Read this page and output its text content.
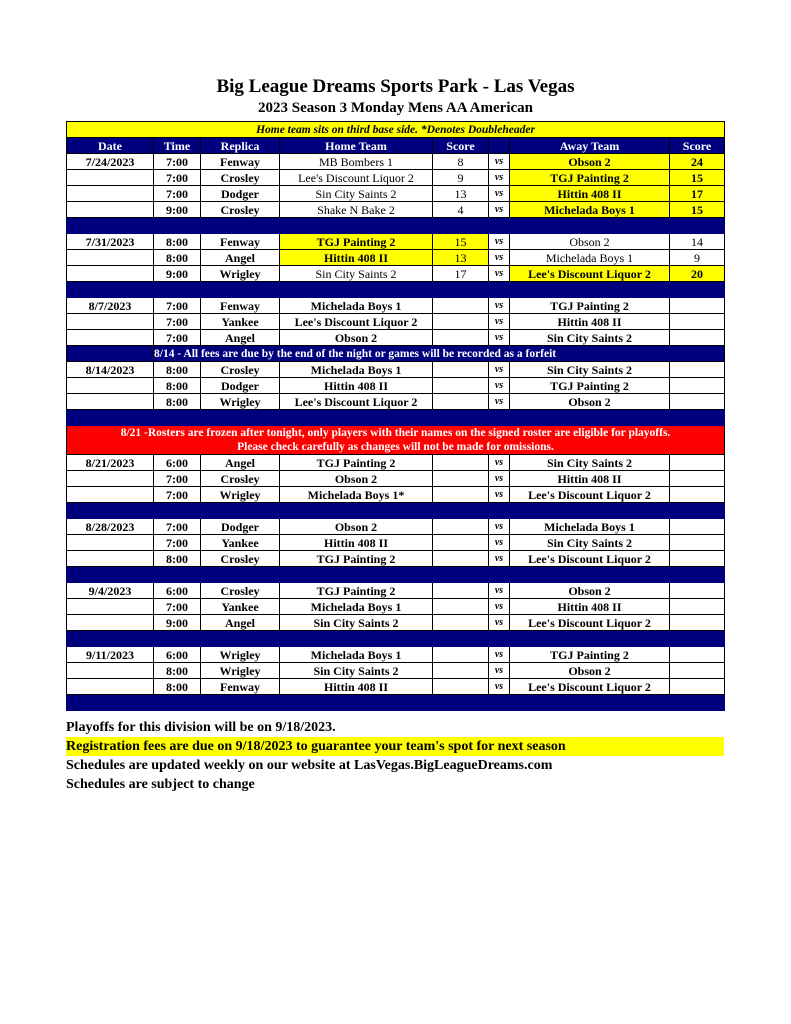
Big League Dreams Sports Park - Las Vegas
2023 Season 3 Monday Mens AA American
Home team sits on third base side. *Denotes Doubleheader							
Date	Time	Replica	Home Team	Score		Away Team	Score
7/24/2023	7:00	Fenway	MB Bombers 1	8	vs	Obson 2	24
	7:00	Crosley	Lee's Discount Liquor 2	9	vs	TGJ Painting 2	15
	7:00	Dodger	Sin City Saints 2	13	vs	Hittin 408 II	17
	9:00	Crosley	Shake N Bake 2	4	vs	Michelada Boys 1	15

7/31/2023	8:00	Fenway	TGJ Painting 2	15	vs	Obson 2	14
	8:00	Angel	Hittin 408 II	13	vs	Michelada Boys 1	9
	9:00	Wrigley	Sin City Saints 2	17	vs	Lee's Discount Liquor 2	20

8/7/2023	7:00	Fenway	Michelada Boys 1		vs	TGJ Painting 2	
	7:00	Yankee	Lee's Discount Liquor 2		vs	Hittin 408 II	
	7:00	Angel	Obson 2		vs	Sin City Saints 2	
	8/14 - All fees are due by the end of the night or games will be recorded as a forfeit						
8/14/2023	8:00	Crosley	Michelada Boys 1		vs	Sin City Saints 2	
	8:00	Dodger	Hittin 408 II		vs	TGJ Painting 2	
	8:00	Wrigley	Lee's Discount Liquor 2		vs	Obson 2	

8/21 -Rosters are frozen after tonight, only players with their names on the signed roster are eligible for playoffs.
Please check carefully as changes will not be made for omissions.							

8/21/2023	6:00	Angel	TGJ Painting 2		vs	Sin City Saints 2	
	7:00	Crosley	Obson 2		vs	Hittin 408 II	
	7:00	Wrigley	Michelada Boys 1*		vs	Lee's Discount Liquor 2	

8/28/2023	7:00	Dodger	Obson 2		vs	Michelada Boys 1	
	7:00	Yankee	Hittin 408 II		vs	Sin City Saints 2	
	8:00	Crosley	TGJ Painting 2		vs	Lee's Discount Liquor 2	

9/4/2023	6:00	Crosley	TGJ Painting 2		vs	Obson 2	
	7:00	Yankee	Michelada Boys 1		vs	Hittin 408 II	
	9:00	Angel	Sin City Saints 2		vs	Lee's Discount Liquor 2	

9/11/2023	6:00	Wrigley	Michelada Boys 1		vs	TGJ Painting 2	
	8:00	Wrigley	Sin City Saints 2		vs	Obson 2	
	8:00	Fenway	Hittin 408 II		vs	Lee's Discount Liquor 2	

Playoffs for this division will be on 9/18/2023.
Registration fees are due on 9/18/2023 to guarantee your team's spot for next season
Schedules are updated weekly on our website at LasVegas.BigLeagueDreams.com
Schedules are subject to change
